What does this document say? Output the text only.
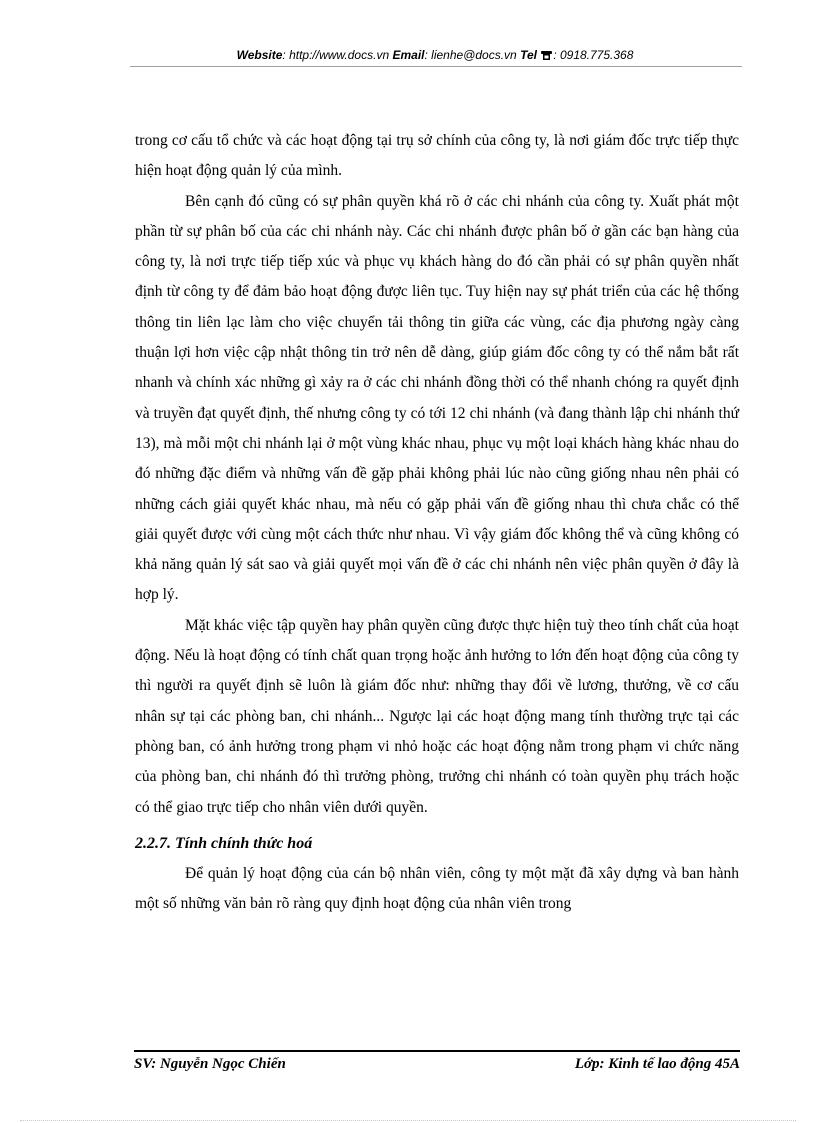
Website: http://www.docs.vn Email: lienhe@docs.vn Tel : 0918.775.368

trong cơ cấu tổ chức và các hoạt động tại trụ sở chính của công ty, là nơi giám đốc trực tiếp thực hiện hoạt động quản lý của mình.

Bên cạnh đó cũng có sự phân quyền khá rõ ở các chi nhánh của công ty. Xuất phát một phần từ sự phân bố của các chi nhánh này. Các chi nhánh được phân bố ở gần các bạn hàng của công ty, là nơi trực tiếp tiếp xúc và phục vụ khách hàng do đó cần phải có sự phân quyền nhất định từ công ty để đảm bảo hoạt động được liên tục. Tuy hiện nay sự phát triển của các hệ thống thông tin liên lạc làm cho việc chuyển tải thông tin giữa các vùng, các địa phương ngày càng thuận lợi hơn việc cập nhật thông tin trở nên dễ dàng, giúp giám đốc công ty có thể nắm bắt rất nhanh và chính xác những gì xảy ra ở các chi nhánh đồng thời có thể nhanh chóng ra quyết định và truyền đạt quyết định, thế nhưng công ty có tới 12 chi nhánh (và đang thành lập chi nhánh thứ 13), mà mỗi một chi nhánh lại ở một vùng khác nhau, phục vụ một loại khách hàng khác nhau do đó những đặc điểm và những vấn đề gặp phải không phải lúc nào cũng giống nhau nên phải có những cách giải quyết khác nhau, mà nếu có gặp phải vấn đề giống nhau thì chưa chắc có thể giải quyết được với cùng một cách thức như nhau. Vì vậy giám đốc không thể và cũng không có khả năng quản lý sát sao và giải quyết mọi vấn đề ở các chi nhánh nên việc phân quyền ở đây là hợp lý.

Mặt khác việc tập quyền hay phân quyền cũng được thực hiện tuỳ theo tính chất của hoạt động. Nếu là hoạt động có tính chất quan trọng hoặc ảnh hưởng to lớn đến hoạt động của công ty thì người ra quyết định sẽ luôn là giám đốc như: những thay đổi về lương, thưởng, về cơ cấu nhân sự tại các phòng ban, chi nhánh... Ngược lại các hoạt động mang tính thường trực tại các phòng ban, có ảnh hưởng trong phạm vi nhỏ hoặc các hoạt động nằm trong phạm vi chức năng của phòng ban, chi nhánh đó thì trưởng phòng, trưởng chi nhánh có toàn quyền phụ trách hoặc có thể giao trực tiếp cho nhân viên dưới quyền.

2.2.7. Tính chính thức hoá

Để quản lý hoạt động của cán bộ nhân viên, công ty một mặt đã xây dựng và ban hành một số những văn bản rõ ràng quy định hoạt động của nhân viên trong

SV: Nguyễn Ngọc Chiến	Lớp: Kinh tế lao động 45A
